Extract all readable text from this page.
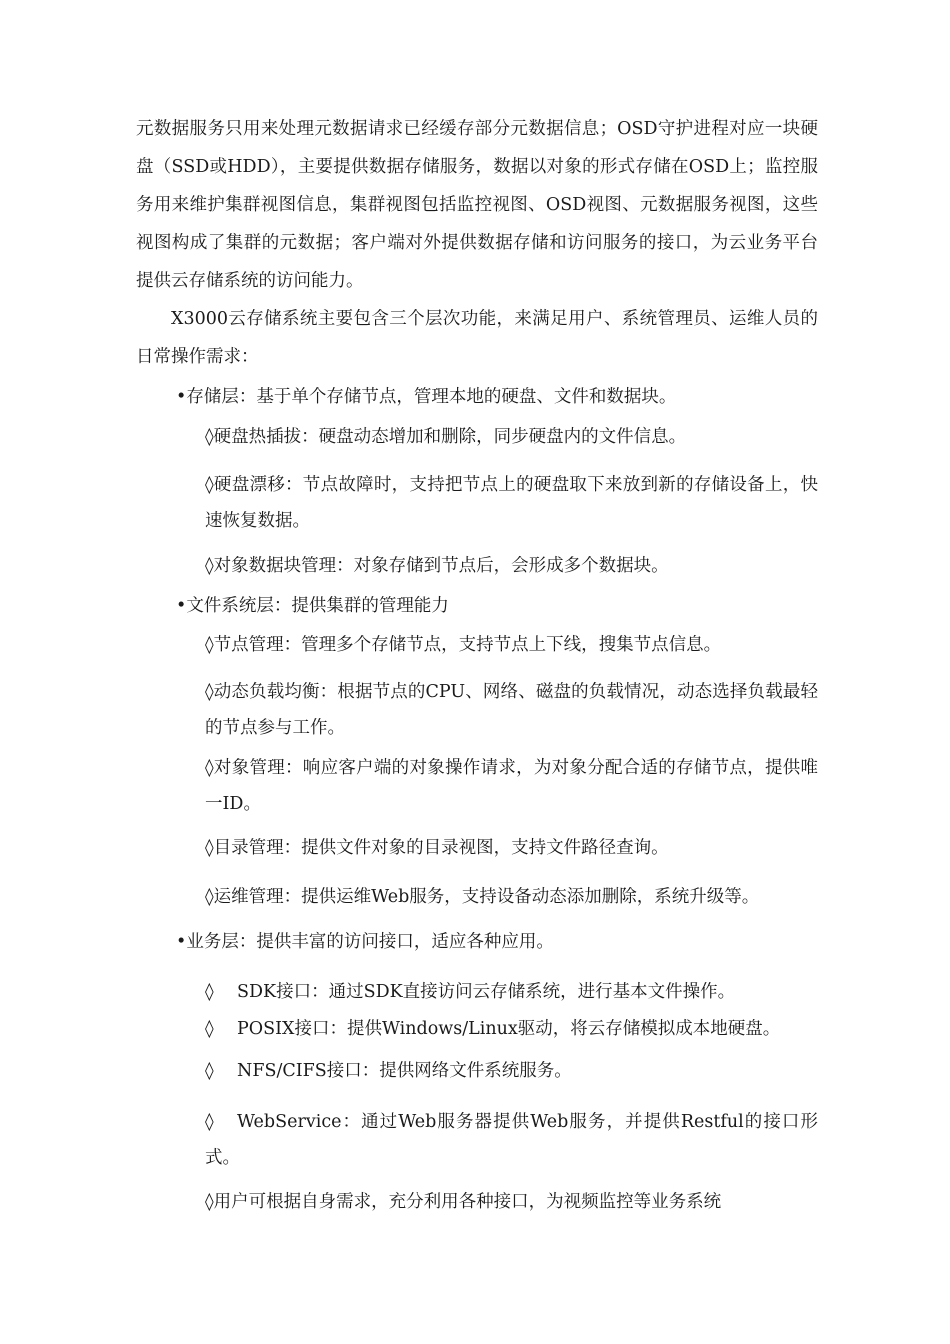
元数据服务只用来处理元数据请求已经缓存部分元数据信息；OSD守护进程对应一块硬盘（SSD或HDD），主要提供数据存储服务，数据以对象的形式存储在OSD上；监控服务用来维护集群视图信息，集群视图包括监控视图、OSD视图、元数据服务视图，这些视图构成了集群的元数据；客户端对外提供数据存储和访问服务的接口，为云业务平台提供云存储系统的访问能力。

X3000云存储系统主要包含三个层次功能，来满足用户、系统管理员、运维人员的日常操作需求：

•存储层：基于单个存储节点，管理本地的硬盘、文件和数据块。

◊硬盘热插拔：硬盘动态增加和删除，同步硬盘内的文件信息。

◊硬盘漂移：节点故障时，支持把节点上的硬盘取下来放到新的存储设备上，快速恢复数据。

◊对象数据块管理：对象存储到节点后，会形成多个数据块。

•文件系统层：提供集群的管理能力

◊节点管理：管理多个存储节点，支持节点上下线，搜集节点信息。

◊动态负载均衡：根据节点的CPU、网络、磁盘的负载情况，动态选择负载最轻的节点参与工作。

◊对象管理：响应客户端的对象操作请求，为对象分配合适的存储节点，提供唯一ID。

◊目录管理：提供文件对象的目录视图，支持文件路径查询。

◊运维管理：提供运维Web服务，支持设备动态添加删除，系统升级等。

•业务层：提供丰富的访问接口，适应各种应用。

◊ SDK接口：通过SDK直接访问云存储系统，进行基本文件操作。

◊ POSIX接口：提供Windows/Linux驱动，将云存储模拟成本地硬盘。

◊ NFS/CIFS接口：提供网络文件系统服务。

◊ WebService：通过Web服务器提供Web服务，并提供Restful的接口形式。

◊用户可根据自身需求，充分利用各种接口，为视频监控等业务系统
